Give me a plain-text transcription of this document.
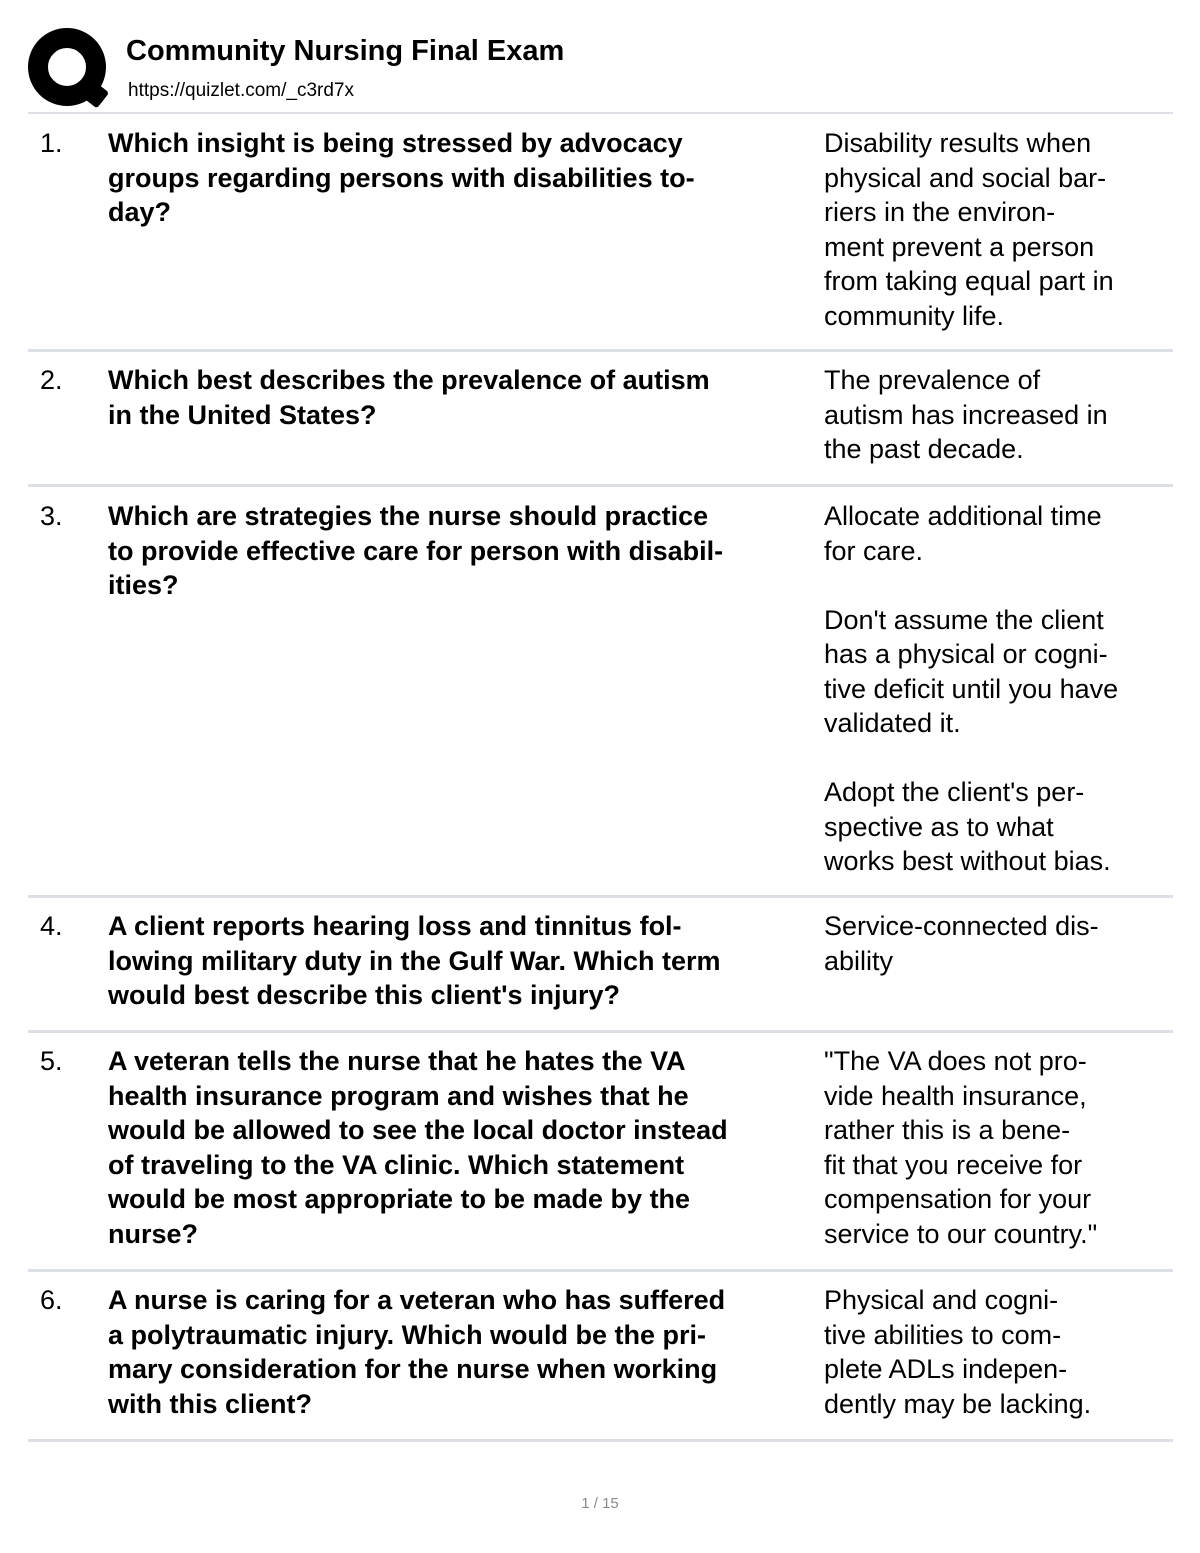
Community Nursing Final Exam
https://quizlet.com/_c3rd7x
1. Which insight is being stressed by advocacy
groups regarding persons with disabilities to-
day?
Disability results when
physical and social bar-
riers in the environ-
ment prevent a person
from taking equal part in
community life.
2. Which best describes the prevalence of autism
in the United States?
The prevalence of
autism has increased in
the past decade.
3. Which are strategies the nurse should practice
to provide effective care for person with disabil-
ities?
Allocate additional time
for care.

Don't assume the client
has a physical or cogni-
tive deficit until you have
validated it.

Adopt the client's per-
spective as to what
works best without bias.
4. A client reports hearing loss and tinnitus fol-
lowing military duty in the Gulf War. Which term
would best describe this client's injury?
Service-connected dis-
ability
5. A veteran tells the nurse that he hates the VA
health insurance program and wishes that he
would be allowed to see the local doctor instead
of traveling to the VA clinic. Which statement
would be most appropriate to be made by the
nurse?
"The VA does not pro-
vide health insurance,
rather this is a bene-
fit that you receive for
compensation for your
service to our country."
6. A nurse is caring for a veteran who has suffered
a polytraumatic injury. Which would be the pri-
mary consideration for the nurse when working
with this client?
Physical and cogni-
tive abilities to com-
plete ADLs indepen-
dently may be lacking.
1 / 15
